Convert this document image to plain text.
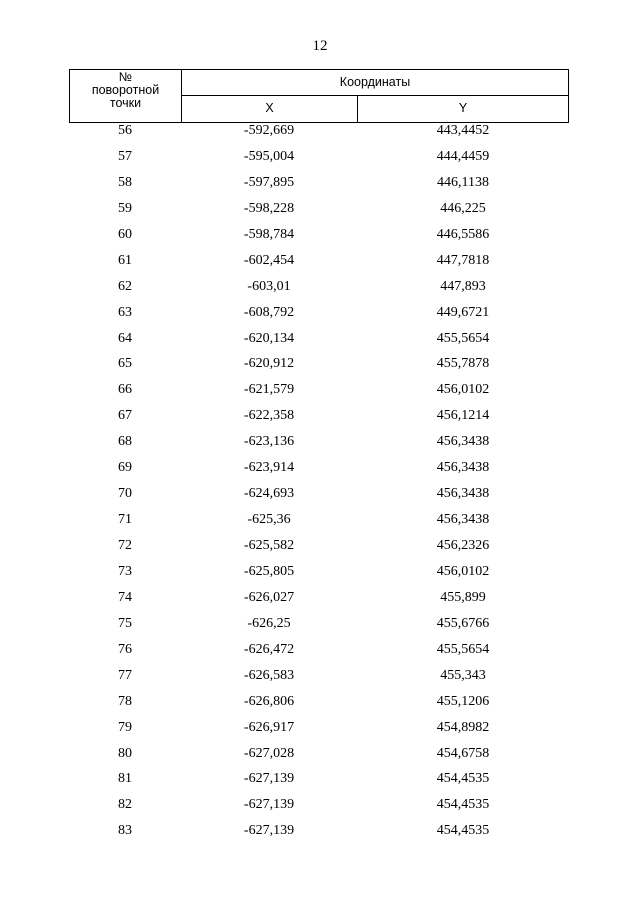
12
№
поворотной
точки
Координаты
X	Y
56	-592,669	443,4452
57	-595,004	444,4459
58	-597,895	446,1138
59	-598,228	446,225
60	-598,784	446,5586
61	-602,454	447,7818
62	-603,01	447,893
63	-608,792	449,6721
64	-620,134	455,5654
65	-620,912	455,7878
66	-621,579	456,0102
67	-622,358	456,1214
68	-623,136	456,3438
69	-623,914	456,3438
70	-624,693	456,3438
71	-625,36	456,3438
72	-625,582	456,2326
73	-625,805	456,0102
74	-626,027	455,899
75	-626,25	455,6766
76	-626,472	455,5654
77	-626,583	455,343
78	-626,806	455,1206
79	-626,917	454,8982
80	-627,028	454,6758
81	-627,139	454,4535
82	-627,139	454,4535
83	-627,139	454,4535
